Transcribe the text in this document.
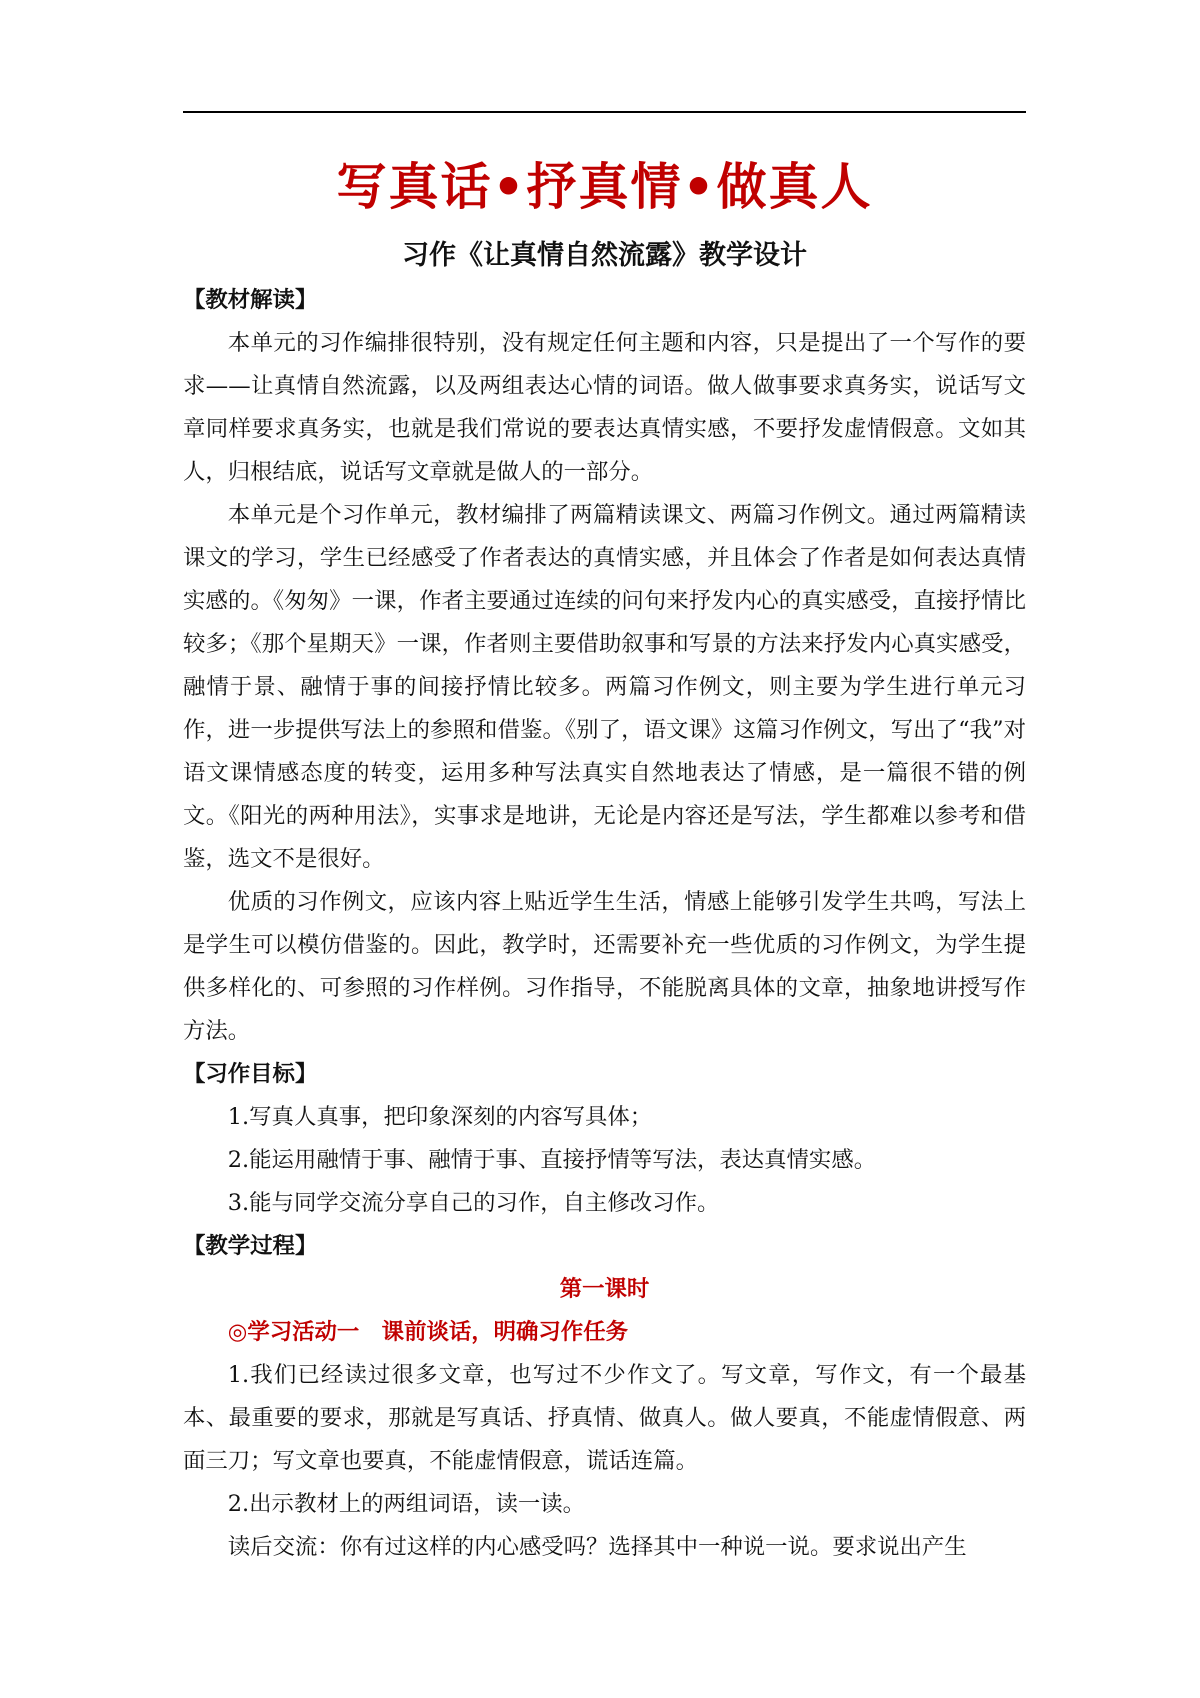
写真话•抒真情•做真人
习作《让真情自然流露》教学设计

【教材解读】

本单元的习作编排很特别，没有规定任何主题和内容，只是提出了一个写作的要求——让真情自然流露，以及两组表达心情的词语。做人做事要求真务实，说话写文章同样要求真务实，也就是我们常说的要表达真情实感，不要抒发虚情假意。文如其人，归根结底，说话写文章就是做人的一部分。

本单元是个习作单元，教材编排了两篇精读课文、两篇习作例文。通过两篇精读课文的学习，学生已经感受了作者表达的真情实感，并且体会了作者是如何表达真情实感的。《匆匆》一课，作者主要通过连续的问句来抒发内心的真实感受，直接抒情比较多；《那个星期天》一课，作者则主要借助叙事和写景的方法来抒发内心真实感受，融情于景、融情于事的间接抒情比较多。两篇习作例文，则主要为学生进行单元习作，进一步提供写法上的参照和借鉴。《别了，语文课》这篇习作例文，写出了“我”对语文课情感态度的转变，运用多种写法真实自然地表达了情感，是一篇很不错的例文。《阳光的两种用法》，实事求是地讲，无论是内容还是写法，学生都难以参考和借鉴，选文不是很好。

优质的习作例文，应该内容上贴近学生生活，情感上能够引发学生共鸣，写法上是学生可以模仿借鉴的。因此，教学时，还需要补充一些优质的习作例文，为学生提供多样化的、可参照的习作样例。习作指导，不能脱离具体的文章，抽象地讲授写作方法。

【习作目标】

1.写真人真事，把印象深刻的内容写具体；

2.能运用融情于事、融情于事、直接抒情等写法，表达真情实感。

3.能与同学交流分享自己的习作，自主修改习作。

【教学过程】

第一课时

◎学习活动一　课前谈话，明确习作任务

1.我们已经读过很多文章，也写过不少作文了。写文章，写作文，有一个最基本、最重要的要求，那就是写真话、抒真情、做真人。做人要真，不能虚情假意、两面三刀；写文章也要真，不能虚情假意，谎话连篇。

2.出示教材上的两组词语，读一读。

读后交流：你有过这样的内心感受吗？选择其中一种说一说。要求说出产生
